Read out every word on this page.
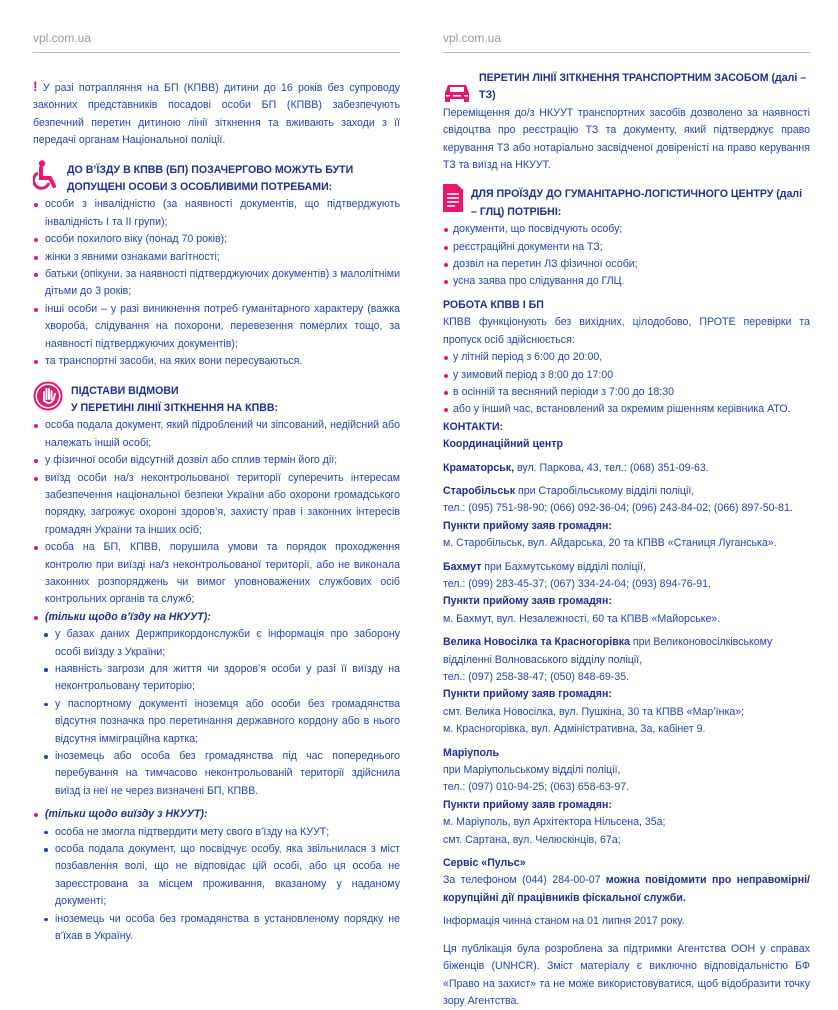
vpl.com.ua

! У разі потрапляння на БП (КПВВ) дитини до 16 років без супроводу законних представників посадові особи БП (КПВВ) забезпечують безпечний перетин дитиною лінії зіткнення та вживають заходи з її передачі органам Національної поліції.

ДО В’ЇЗДУ В КПВВ (БП) ПОЗАЧЕРГОВО МОЖУТЬ БУТИ ДОПУЩЕНІ ОСОБИ З ОСОБЛИВИМИ ПОТРЕБАМИ:
особи з інвалідністю (за наявності документів, що підтверджують інвалідність І та ІІ групи);
особи похилого віку (понад 70 років);
жінки з явними ознаками вагітності;
батьки (опікуни, за наявності підтверджуючих документів) з малолітніми дітьми до 3 років;
інші особи – у разі виникнення потреб гуманітарного характеру (важка хвороба, слідування на похорони, перевезення померлих тощо, за наявності підтверджуючих документів);
та транспортні засоби, на яких вони пересуваються.
ПІДСТАВИ ВІДМОВИ
У ПЕРЕТИНІ ЛІНІЇ ЗІТКНЕННЯ НА КПВВ:
особа подала документ, який підроблений чи зіпсований, недійсний або належать іншій особі;
у фізичної особи відсутній дозвіл або сплив термін його дії;
виїзд особи на/з неконтрольованої території суперечить інтересам забезпечення національної безпеки України або охорони громадського порядку, загрожує охороні здоров’я, захисту прав і законних інтересів громадян України та інших осіб;
особа на БП, КПВВ, порушила умови та порядок проходження контролю при виїзді на/з неконтрольованої території, або не виконала законних розпоряджень чи вимог уповноважених службових осіб контрольних органів та служб;
(тільки щодо в’їзду на НКУУТ):
у базах даних Держприкордонслужби є інформація про заборону особі виїзду з України;
наявність загрози для життя чи здоров’я особи у разі її виїзду на неконтрольовану територію;
у паспортному документі іноземця або особи без громадянства відсутня позначка про перетинання державного кордону або в нього відсутня імміграційна картка;
іноземець або особа без громадянства під час попереднього перебування на тимчасово неконтрольованій території здійснила виїзд із неї не через визначені БП, КПВВ.
(тільки щодо виїзду з НКУУТ):
особа не змогла підтвердити мету свого в’їзду на КУУТ;
особа подала документ, що посвідчує особу, яка звільнилася з міст позбавлення волі, що не відповідає цій особі, або ця особа не зареєстрована за місцем проживання, вказаному у наданому документі;
іноземець чи особа без громадянства в установленому порядку не в’їхав в Україну.
vpl.com.ua
ПЕРЕТИН ЛІНІЇ ЗІТКНЕННЯ ТРАНСПОРТНИМ ЗАСОБОМ (далі – ТЗ)

Переміщення до/з НКУУТ транспортних засобів дозволено за наявності свідоцтва про реєстрацію ТЗ та документу, який підтверджує право керування ТЗ або нотаріально засвідченої довіреністі на право керування ТЗ та виїзд на НКУУТ.

ДЛЯ ПРОЇЗДУ ДО ГУМАНІТАРНО-ЛОГІСТИЧНОГО ЦЕНТРУ (далі – ГЛЦ) ПОТРІБНІ:
документи, що посвідчують особу;
реєстраційні документи на ТЗ;
дозвіл на перетин ЛЗ фізичної особи;
усна заява про слідування до ГЛЦ.
РОБОТА КПВВ І БП

КПВВ функціонують без вихідних, цілодобово, ПРОТЕ перевірки та пропуск осіб здійснюється:

у літній період з 6:00 до 20:00,
у зимовий період з 8:00 до 17:00
в осінній та весняний періоди з 7:00 до 18:30
або у інший час, встановлений за окремим рішенням керівника АТО.
КОНТАКТИ:
Координаційний центр
Краматорськ, вул. Паркова, 43, тел.: (068) 351-09-63.
Старобільськ при Старобільському відділі поліції,
тел.: (095) 751-98-90; (066) 092-36-04; (096) 243-84-02; (066) 897-50-81.
Пункти прийому заяв громадян:
м. Старобільськ, вул. Айдарська, 20 та КПВВ «Станиця Луганська».
Бахмут при Бахмутському відділі поліції,
тел.: (099) 283-45-37; (067) 334-24-04; (093) 894-76-91.
Пункти прийому заяв громадян:
м. Бахмут, вул. Незалежності, 60 та КПВВ «Майорське».
Велика Новосілка та Красногорівка при Великоновосілківському відділенні Волноваського відділу поліції,
тел.: (097) 258-38-47; (050) 848-69-35.
Пункти прийому заяв громадян:
смт. Велика Новосілка, вул. Пушкіна, 30 та КПВВ «Мар’їнка»;
м. Красногорівка, вул. Адміністративна, 3а, кабінет 9.
Маріуполь
при Маріупольському відділі поліції,
тел.: (097) 010-94-25; (063) 658-63-97.
Пункти прийому заяв громадян:
м. Маріуполь, вул Архітектора Нільсена, 35а;
смт. Сартана, вул. Челюскінців, 67а;
Сервіс «Пульс»

За телефоном (044) 284-00-07 можна повідомити про неправомірні/ корупційні дії працівників фіскальної служби.

Інформація чинна станом на 01 липня 2017 року.

Ця публікація була розроблена за підтримки Агентства ООН у справах біженців (UNHCR). Зміст матеріалу є виключно відповідальністю БФ «Право на захист» та не може використовуватися, щоб відобразити точку зору Агентства.
